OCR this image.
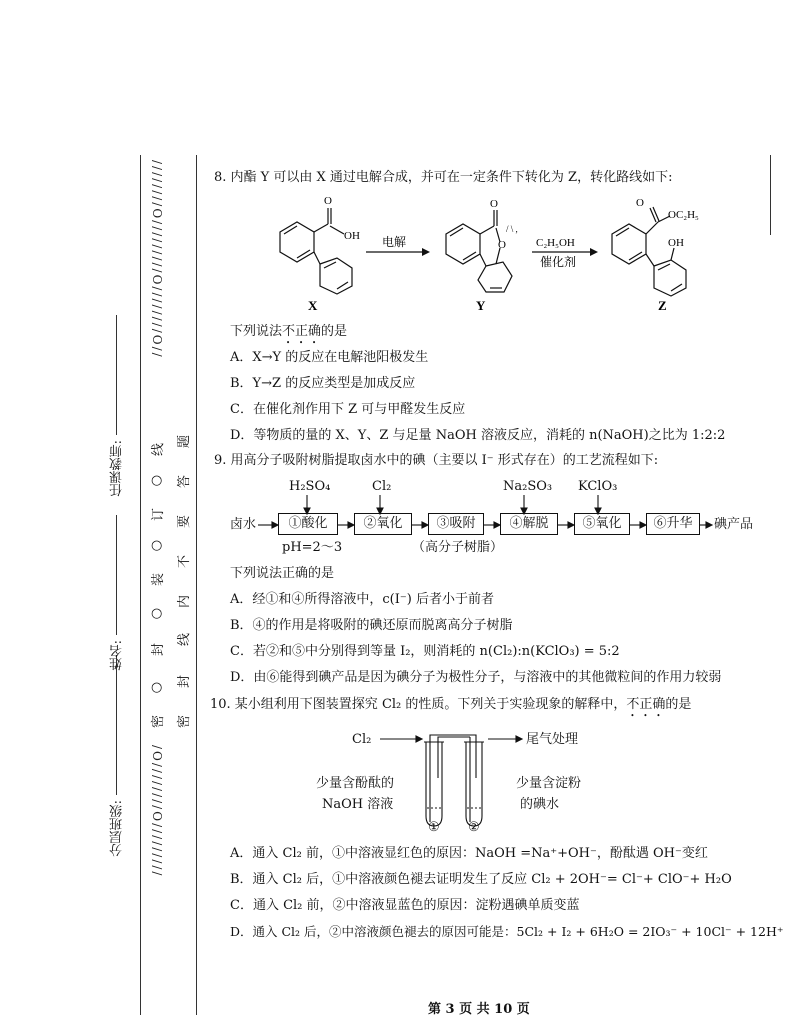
////////O/////////O////////O//
/O////////O/////////
密
○
封
○
装
○
订
○
线
密
封
线
内
不
要
答
题
分层班级:
姓名:
任课教师:
8. 内酯 Y 可以由 X 通过电解合成，并可在一定条件下转化为 Z，转化路线如下:
O
OH
X
电解
O
O
/ \ ,
Y
C₂H₅OH
催化剂
O
OC₂H₅
OH
Z
下列说法不正确的是
A．X→Y 的反应在电解池阳极发生
B．Y→Z 的反应类型是加成反应
C．在催化剂作用下 Z 可与甲醛发生反应
D．等物质的量的 X、Y、Z 与足量 NaOH 溶液反应，消耗的 n(NaOH)之比为 1:2:2
9. 用高分子吸附树脂提取卤水中的碘（主要以 I⁻ 形式存在）的工艺流程如下:
H₂SO₄	Cl₂	Na₂SO₃ KClO₃
卤水	①酸化	②氧化	③吸附	④解脱	⑤氧化	⑥升华	碘产品
pH=2～3	（高分子树脂）
下列说法正确的是
A．经①和④所得溶液中，c(I⁻) 后者小于前者
B．④的作用是将吸附的碘还原而脱离高分子树脂
C．若②和⑤中分别得到等量 I₂，则消耗的 n(Cl₂):n(KClO₃) = 5:2
D．由⑥能得到碘产品是因为碘分子为极性分子，与溶液中的其他微粒间的作用力较弱
10. 某小组利用下图装置探究 Cl₂ 的性质。下列关于实验现象的解释中，不正确的是
Cl₂	尾气处理
少量含酚酞的
NaOH 溶液
少量含淀粉
的碘水
① ②
A．通入 Cl₂ 前，①中溶液显红色的原因：NaOH =Na⁺+OH⁻，酚酞遇 OH⁻变红
B．通入 Cl₂ 后，①中溶液颜色褪去证明发生了反应 Cl₂ + 2OH⁻= Cl⁻+ ClO⁻+ H₂O
C．通入 Cl₂ 前，②中溶液显蓝色的原因：淀粉遇碘单质变蓝
D．通入 Cl₂ 后，②中溶液颜色褪去的原因可能是：5Cl₂ + I₂ + 6H₂O = 2IO₃⁻ + 10Cl⁻ + 12H⁺
第 3 页 共 10 页
